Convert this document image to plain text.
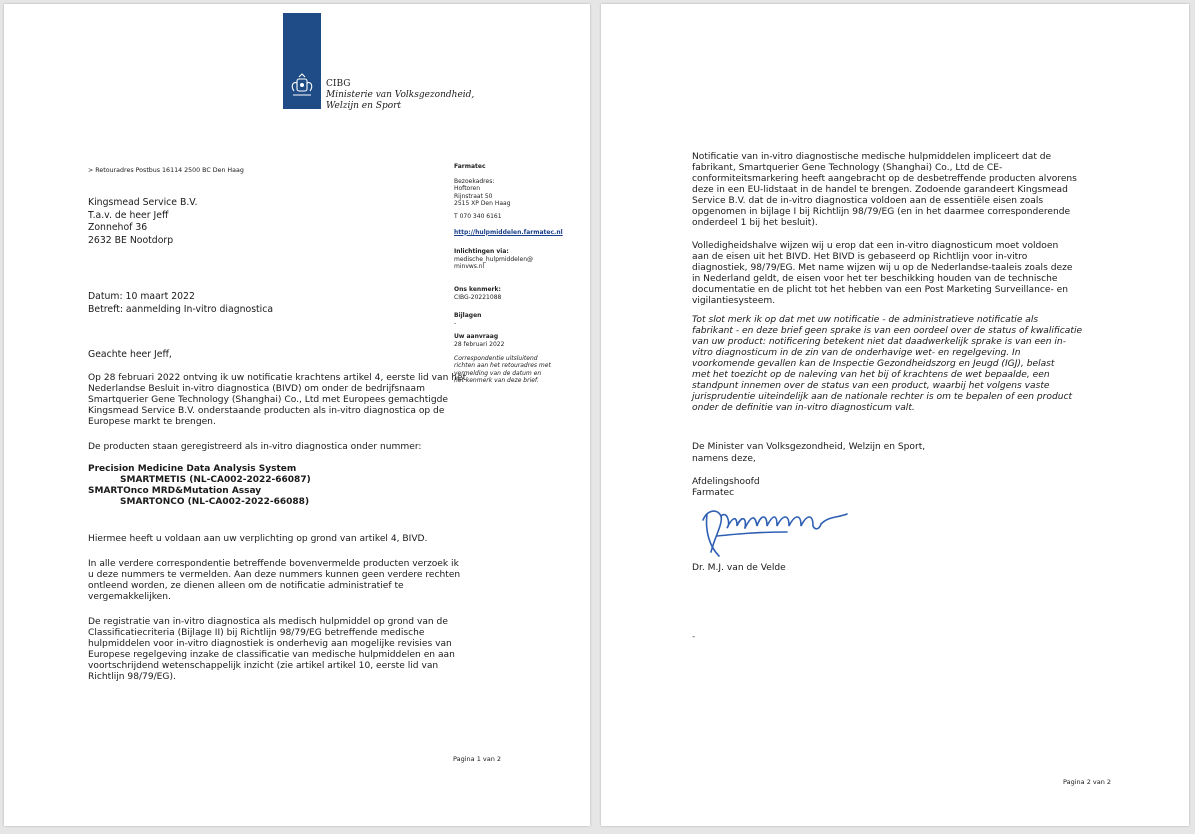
CIBG
Ministerie van Volksgezondheid,
Welzijn en Sport
> Retouradres Postbus 16114 2500 BC Den Haag
Kingsmead Service B.V.
T.a.v. de heer Jeff
Zonnehof 36
2632 BE Nootdorp
Datum: 10 maart 2022
Betreft: aanmelding In-vitro diagnostica
Geachte heer Jeff,
Op 28 februari 2022 ontving ik uw notificatie krachtens artikel 4, eerste lid van het
Nederlandse Besluit in-vitro diagnostica (BIVD) om onder de bedrijfsnaam
Smartquerier Gene Technology (Shanghai) Co., Ltd met Europees gemachtigde
Kingsmead Service B.V. onderstaande producten als in-vitro diagnostica op de
Europese markt te brengen.
De producten staan geregistreerd als in-vitro diagnostica onder nummer:
Precision Medicine Data Analysis System
SMARTMETIS (NL-CA002-2022-66087)
SMARTOnco MRD&Mutation Assay
SMARTONCO (NL-CA002-2022-66088)
Hiermee heeft u voldaan aan uw verplichting op grond van artikel 4, BIVD.
In alle verdere correspondentie betreffende bovenvermelde producten verzoek ik
u deze nummers te vermelden. Aan deze nummers kunnen geen verdere rechten
ontleend worden, ze dienen alleen om de notificatie administratief te
vergemakkelijken.
De registratie van in-vitro diagnostica als medisch hulpmiddel op grond van de
Classificatiecriteria (Bijlage II) bij Richtlijn 98/79/EG betreffende medische
hulpmiddelen voor in-vitro diagnostiek is onderhevig aan mogelijke revisies van
Europese regelgeving inzake de classificatie van medische hulpmiddelen en aan
voortschrijdend wetenschappelijk inzicht (zie artikel artikel 10, eerste lid van
Richtlijn 98/79/EG).
Pagina 1 van 2
Farmatec
Bezoekadres:
Hoftoren
Rijnstraat 50
2515 XP Den Haag
T 070 340 6161
http://hulpmiddelen.farmatec.nl
Inlichtingen via:
medische_hulpmiddelen@
minvws.nl
Ons kenmerk:
CIBG-20221088
Bijlagen
-
Uw aanvraag
28 februari 2022
Correspondentie uitsluitend
richten aan het retouradres met
vermelding van de datum en
het kenmerk van deze brief.
Notificatie van in-vitro diagnostische medische hulpmiddelen impliceert dat de
fabrikant, Smartquerier Gene Technology (Shanghai) Co., Ltd de CE-
conformiteitsmarkering heeft aangebracht op de desbetreffende producten alvorens
deze in een EU-lidstaat in de handel te brengen. Zodoende garandeert Kingsmead
Service B.V. dat de in-vitro diagnostica voldoen aan de essentiële eisen zoals
opgenomen in bijlage I bij Richtlijn 98/79/EG (en in het daarmee corresponderende
onderdeel 1 bij het besluit).
Volledigheidshalve wijzen wij u erop dat een in-vitro diagnosticum moet voldoen
aan de eisen uit het BIVD. Het BIVD is gebaseerd op Richtlijn voor in-vitro
diagnostiek, 98/79/EG. Met name wijzen wij u op de Nederlandse-taaleis zoals deze
in Nederland geldt, de eisen voor het ter beschikking houden van de technische
documentatie en de plicht tot het hebben van een Post Marketing Surveillance- en
vigilantiesysteem.
Tot slot merk ik op dat met uw notificatie - de administratieve notificatie als
fabrikant - en deze brief geen sprake is van een oordeel over de status of kwalificatie
van uw product: notificering betekent niet dat daadwerkelijk sprake is van een in-
vitro diagnosticum in de zin van de onderhavige wet- en regelgeving. In
voorkomende gevallen kan de Inspectie Gezondheidszorg en Jeugd (IGJ), belast
met het toezicht op de naleving van het bij of krachtens de wet bepaalde, een
standpunt innemen over de status van een product, waarbij het volgens vaste
jurisprudentie uiteindelijk aan de nationale rechter is om te bepalen of een product
onder de definitie van in-vitro diagnosticum valt.
De Minister van Volksgezondheid, Welzijn en Sport,
namens deze,
Afdelingshoofd
Farmatec
Dr. M.J. van de Velde
-
Pagina 2 van 2
